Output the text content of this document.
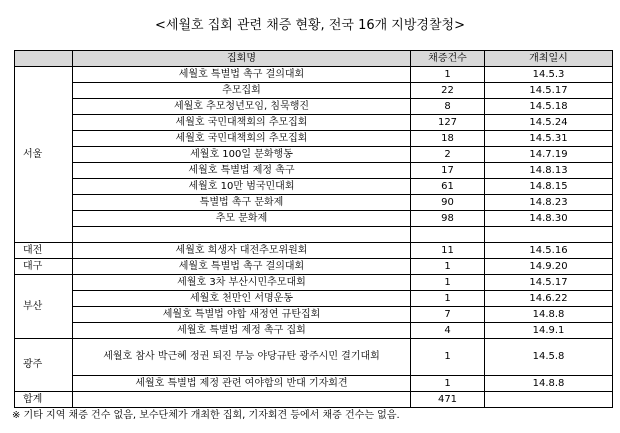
<세월호 집회 관련 채증 현황, 전국 16개 지방경찰청>
	집회명	채증건수	개최일시
서울	세월호 특별법 촉구 결의대회	1	14.5.3
	추모집회	22	14.5.17
	세월호 추모청년모임, 침묵행진	8	14.5.18
	세월호 국민대책회의 추모집회	127	14.5.24
	세월호 국민대책회의 추모집회	18	14.5.31
	세월호 100일 문화행동	2	14.7.19
	세월호 특별법 제정 촉구	17	14.8.13
	세월호 10만 범국민대회	61	14.8.15
	특별법 촉구 문화제	90	14.8.23
	추모 문화제	98	14.8.30

대전	세월호 희생자 대전추모위원회	11	14.5.16
대구	세월호 특별법 촉구 결의대회	1	14.9.20
부산	세월호 3차 부산시민추모대회	1	14.5.17
	세월호 천만인 서명운동	1	14.6.22
	세월호 특별법 야합 새정연 규탄집회	7	14.8.8
	세월호 특별법 제정 촉구 집회	4	14.9.1
광주	세월호 참사 박근혜 정권 퇴진 무능 야당규탄 광주시민 결기대회	1	14.5.8
	세월호 특별법 제정 관련 여야합의 반대 기자회견	1	14.8.8
합계		471	
※ 기타 지역 채증 건수 없음, 보수단체가 개최한 집회, 기자회견 등에서 채증 건수는 없음.
